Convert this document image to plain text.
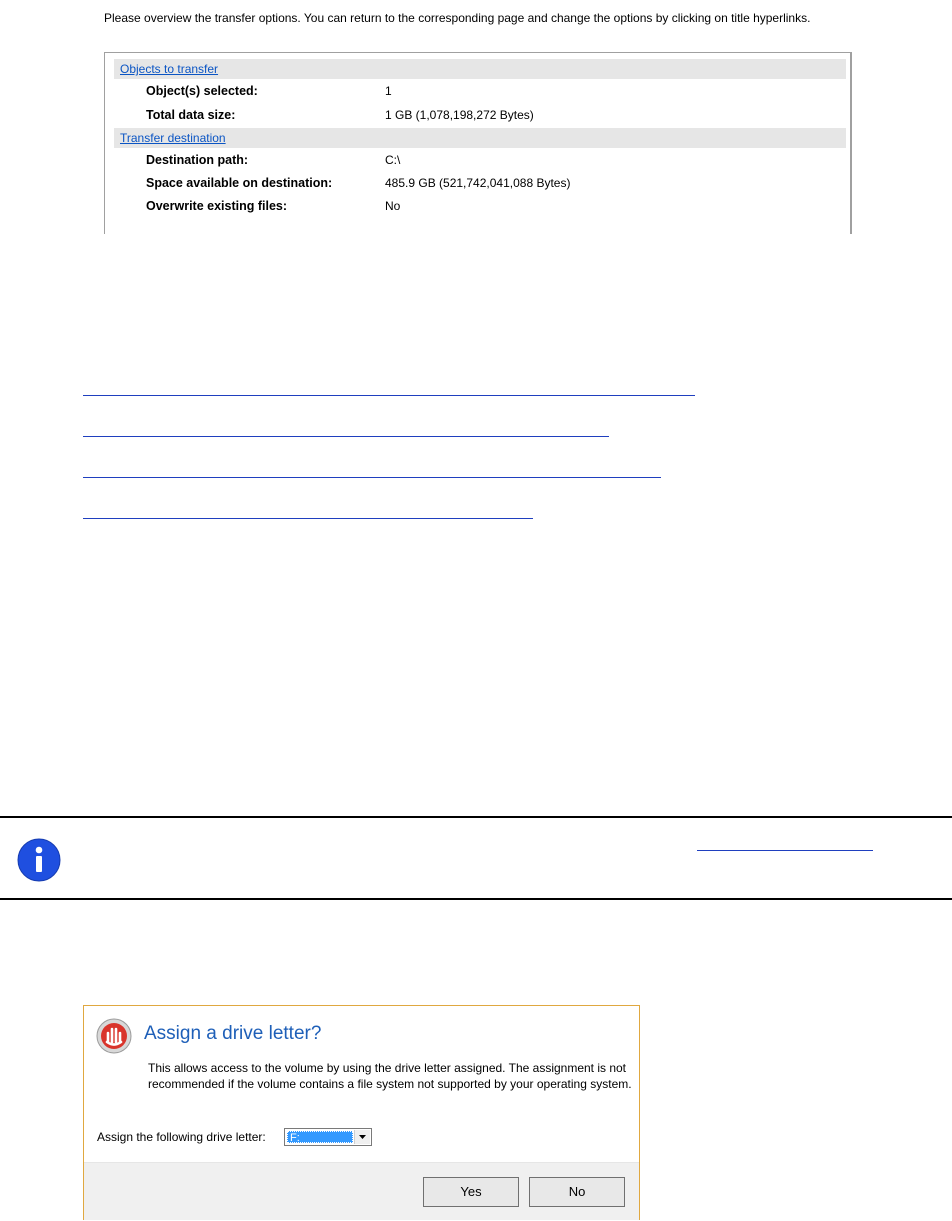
Please overview the transfer options. You can return to the corresponding page and change the options by clicking on title hyperlinks.
Objects to transfer
Object(s) selected:	1
Total data size:	1 GB (1,078,198,272 Bytes)
Transfer destination
Destination path:	C:\
Space available on destination:	485.9 GB (521,742,041,088 Bytes)
Overwrite existing files:	No
Assign a drive letter?
This allows access to the volume by using the drive letter assigned. The assignment is not recommended if the volume contains a file system not supported by your operating system.
Assign the following drive letter: F:
Yes	No
